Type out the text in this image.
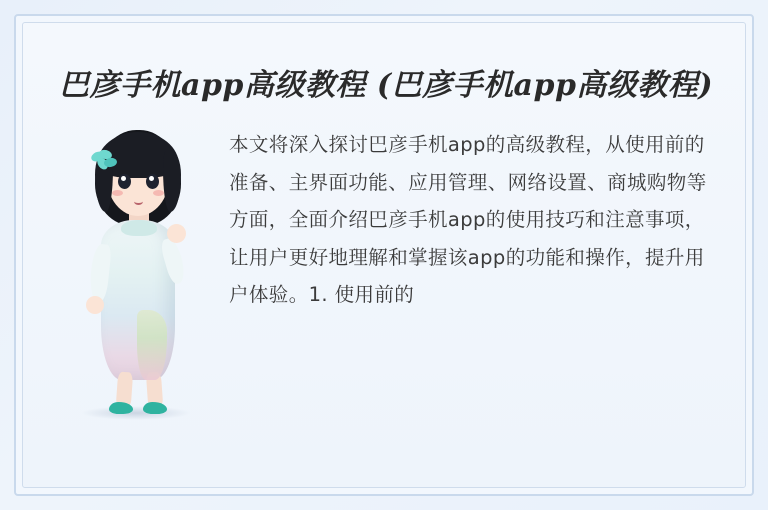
巴彦手机app高级教程 (巴彦手机app高级教程)
本文将深入探讨巴彦手机app的高级教程，从使用前的准备、主界面功能、应用管理、网络设置、商城购物等方面，全面介绍巴彦手机app的使用技巧和注意事项，让用户更好地理解和掌握该app的功能和操作，提升用户体验。1. 使用前的
